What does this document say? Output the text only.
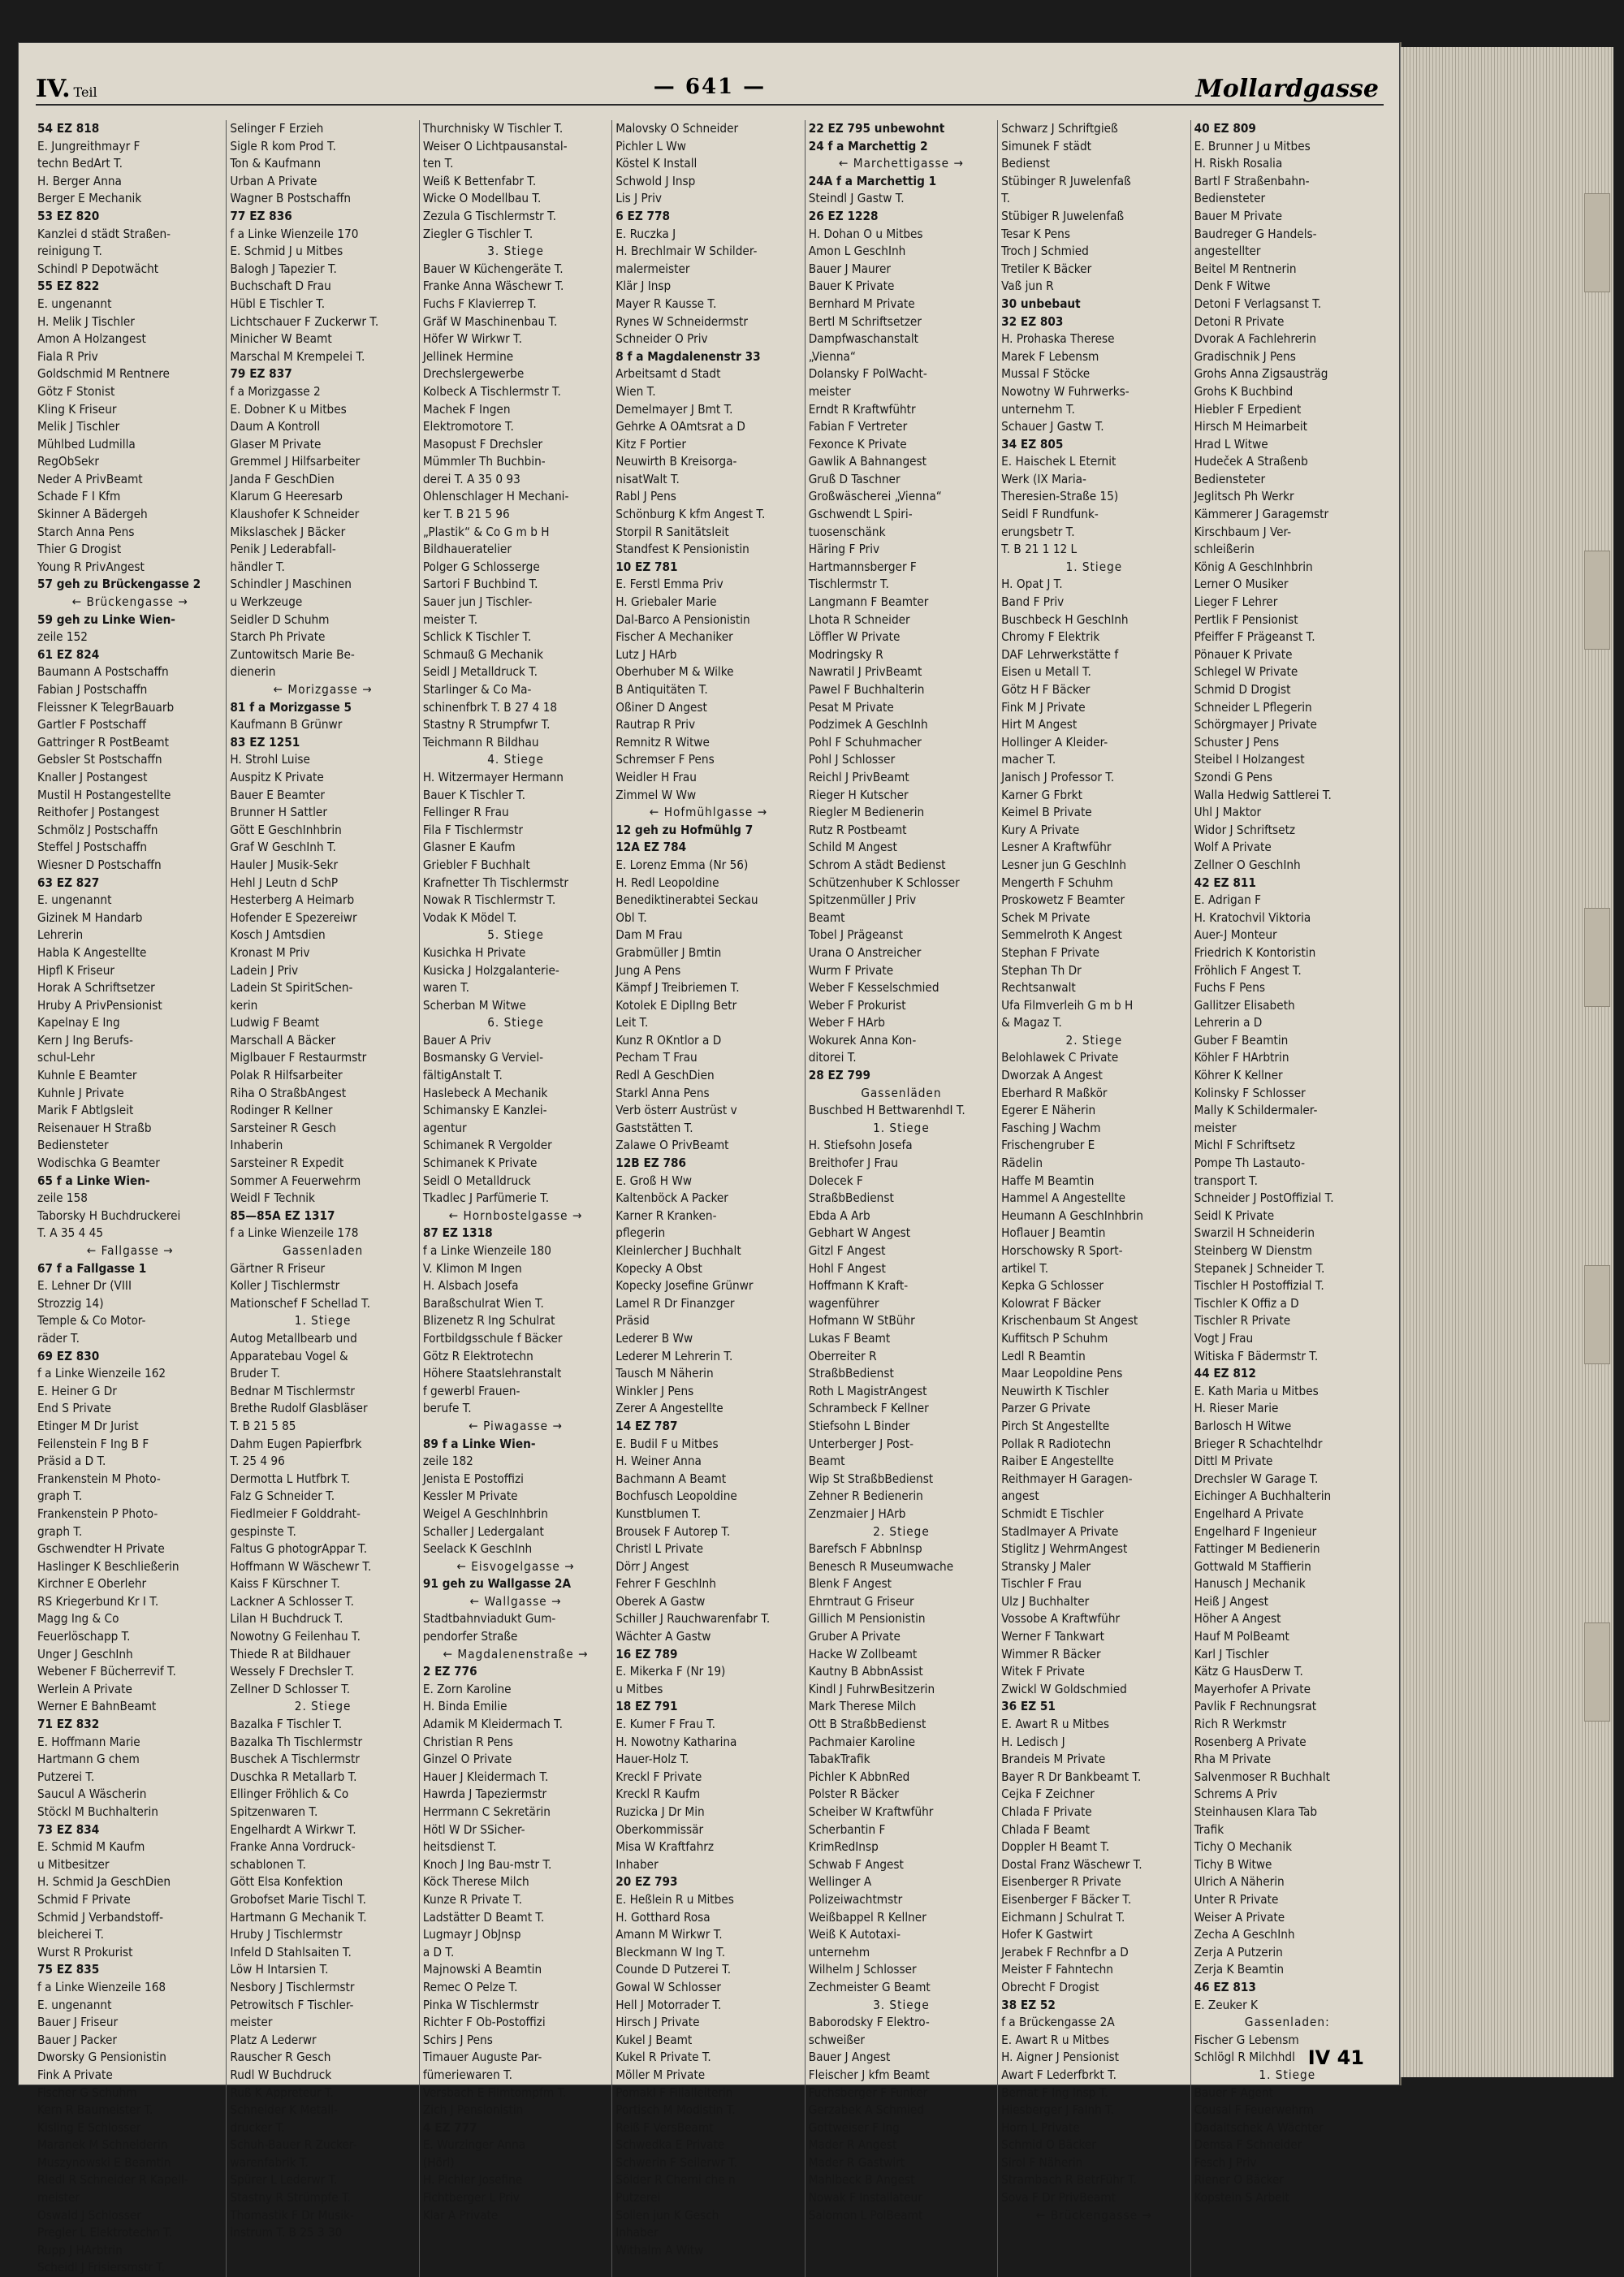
IV. Teil	— 641 —	Mollardgasse
54 EZ 818
E. Jungreithmayr F
techn BedArt T.
H. Berger Anna
Berger E Mechanik
53 EZ 820
Kanzlei d städt Straßen-
reinigung T.
Schindl P Depotwächt
55 EZ 822
E. ungenannt
H. Melik J Tischler
Amon A Holzangest
Fiala R Priv
Goldschmid M Rentnere
Götz F Stonist
Kling K Friseur
Melik J Tischler
Mühlbed Ludmilla
RegObSekr
Neder A PrivBeamt
Schade F I Kfm
Skinner A Bädergeh
Starch Anna Pens
Thier G Drogist
Young R PrivAngest
57 geh zu Brückengasse 2
← Brückengasse →
59 geh zu Linke Wien-
zeile 152
61 EZ 824
Baumann A Postschaffn
Fabian J Postschaffn
Fleissner K TelegrBauarb
Gartler F Postschaff
Gattringer R PostBeamt
Gebsler St Postschaffn
Knaller J Postangest
Mustil H Postangestellte
Reithofer J Postangest
Schmölz J Postschaffn
Steffel J Postschaffn
Wiesner D Postschaffn
63 EZ 827
E. ungenannt
Gizinek M Handarb
Lehrerin
Habla K Angestellte
Hipfl K Friseur
Horak A Schriftsetzer
Hruby A PrivPensionist
Kapelnay E Ing
Kern J Ing Berufs-
schul-Lehr
Kuhnle E Beamter
Kuhnle J Private
Marik F Abtlgsleit
Reisenauer H Straßb
Bediensteter
Wodischka G Beamter
65 f a Linke Wien-
zeile 158
Taborsky H Buchdruckerei
T. A 35 4 45
← Fallgasse →
67 f a Fallgasse 1
E. Lehner Dr (VIII
Strozzig 14)
Temple & Co Motor-
räder T.
69 EZ 830
f a Linke Wienzeile 162
E. Heiner G Dr
End S Private
Etinger M Dr Jurist
Feilenstein F Ing B F
Präsid a D T.
Frankenstein M Photo-
graph T.
Frankenstein P Photo-
graph T.
Gschwendter H Private
Haslinger K Beschließerin
Kirchner E Oberlehr
RS Kriegerbund Kr I T.
Magg Ing & Co
Feuerlöschapp T.
Unger J GeschInh
Webener F Bücherrevif T.
Werlein A Private
Werner E BahnBeamt
71 EZ 832
E. Hoffmann Marie
Hartmann G chem
Putzerei T.
Saucul A Wäscherin
Stöckl M Buchhalterin
73 EZ 834
E. Schmid M Kaufm
u Mitbesitzer
H. Schmid Ja GeschDien
Schmid F Private
Schmid J Verbandstoff-
bleicherei T.
Wurst R Prokurist
75 EZ 835
f a Linke Wienzeile 168
E. ungenannt
Bauer J Friseur
Bauer J Packer
Dworsky G Pensionistin
Fink A Private
Fischer G Schuhm
Kern R Baumeister T.
Kisling E Schlosser
Maranek M Schneiderin
Muszynowski E Beamtin
Riedl R Schneider R Kapell-
meister
Oswald J Schlosser
Pregler L Elektrotechn T.
Rupp J HArbtrin
Scheidl J Frisiersmstr T.
Selinger F Erzieh
Sigle R kom Prod T.
Ton & Kaufmann
Urban A Private
Wagner B Postschaffn
77 EZ 836
f a Linke Wienzeile 170
E. Schmid J u Mitbes
Balogh J Tapezier T.
Buchschaft D Frau
Hübl E Tischler T.
Lichtschauer F Zuckerwr T.
Minicher W Beamt
Marschal M Krempelei T.
79 EZ 837
f a Morizgasse 2
E. Dobner K u Mitbes
Daum A Kontroll
Glaser M Private
Gremmel J Hilfsarbeiter
Janda F GeschDien
Klarum G Heeresarb
Klaushofer K Schneider
Mikslaschek J Bäcker
Penik J Lederabfall-
händler T.
Schindler J Maschinen
u Werkzeuge
Seidler D Schuhm
Starch Ph Private
Zuntowitsch Marie Be-
dienerin
← Morizgasse →
81 f a Morizgasse 5
Kaufmann B Grünwr
83 EZ 1251
H. Strohl Luise
Auspitz K Private
Bauer E Beamter
Brunner H Sattler
Gött E GeschInhbrin
Graf W GeschInh T.
Hauler J Musik-Sekr
Hehl J Leutn d SchP
Hesterberg A Heimarb
Hofender E Spezereiwr
Kosch J Amtsdien
Kronast M Priv
Ladein J Priv
Ladein St SpiritSchen-
kerin
Ludwig F Beamt
Marschall A Bäcker
Miglbauer F Restaurmstr
Polak R Hilfsarbeiter
Riha O StraßbAngest
Rodinger R Kellner
Sarsteiner R Gesch
Inhaberin
Sarsteiner R Expedit
Sommer A Feuerwehrm
Weidl F Technik
85—85A EZ 1317
f a Linke Wienzeile 178
Gassenladen
Gärtner R Friseur
Koller J Tischlermstr
Mationschef F Schellad T.
1. Stiege
Autog Metallbearb und
Apparatebau Vogel &
Bruder T.
Bednar M Tischlermstr
Brethe Rudolf Glasbläser
T. B 21 5 85
Dahm Eugen Papierfbrk
T. 25 4 96
Dermotta L Hutfbrk T.
Falz G Schneider T.
Fiedlmeier F Golddraht-
gespinste T.
Faltus G photogrAppar T.
Hoffmann W Wäschewr T.
Kaiss F Kürschner T.
Lackner A Schlosser T.
Lilan H Buchdruck T.
Nowotny G Feilenhau T.
Thiede R at Bildhauer
Wessely F Drechsler T.
Zellner D Schlosser T.
2. Stiege
Bazalka F Tischler T.
Bazalka Th Tischlermstr
Buschek A Tischlermstr
Duschka R Metallarb T.
Ellinger Fröhlich & Co
Spitzenwaren T.
Engelhardt A Wirkwr T.
Franke Anna Vordruck-
schablonen T.
Gött Elsa Konfektion
Grobofset Marie Tischl T.
Hartmann G Mechanik T.
Hruby J Tischlermstr
Infeld D Stahlsaiten T.
Löw H Intarsien T.
Nesbory J Tischlermstr
Petrowitsch F Tischler-
meister
Platz A Lederwr
Rauscher R Gesch
Rudl W Buchdruck
Ruß K Appreteur T.
Schneider K Metall-
drucker T.
Schuh-Bauer R Zucker-
warenfabrik T.
Spürer L Lederwr T.
Stastny R Strümpfe T.
Thomastik F Dr Musik-
instrum T. B 25 3 30
Thurchnisky W Tischler T.
Weiser O Lichtpausanstal-
ten T.
Weiß K Bettenfabr T.
Wicke O Modellbau T.
Zezula G Tischlermstr T.
Ziegler G Tischler T.
3. Stiege
Bauer W Küchengeräte T.
Franke Anna Wäschewr T.
Fuchs F Klavierrep T.
Gräf W Maschinenbau T.
Höfer W Wirkwr T.
Jellinek Hermine
Drechslergewerbe
Kolbeck A Tischlermstr T.
Machek F Ingen
Elektromotore T.
Masopust F Drechsler
Mümmler Th Buchbin-
derei T. A 35 0 93
Ohlenschlager H Mechani-
ker T. B 21 5 96
„Plastik“ & Co G m b H
Bildhaueratelier
Polger G Schlosserge
Sartori F Buchbind T.
Sauer jun J Tischler-
meister T.
Schlick K Tischler T.
Schmauß G Mechanik
Seidl J Metalldruck T.
Starlinger & Co Ma-
schinenfbrk T. B 27 4 18
Stastny R Strumpfwr T.
Teichmann R Bildhau
4. Stiege
H. Witzermayer Hermann
Bauer K Tischler T.
Fellinger R Frau
Fila F Tischlermstr
Glasner E Kaufm
Griebler F Buchhalt
Krafnetter Th Tischlermstr
Nowak R Tischlermstr T.
Vodak K Mödel T.
5. Stiege
Kusichka H Private
Kusicka J Holzgalanterie-
waren T.
Scherban M Witwe
6. Stiege
Bauer A Priv
Bosmansky G Verviel-
fältigAnstalt T.
Haslebeck A Mechanik
Schimansky E Kanzlei-
agentur
Schimanek R Vergolder
Schimanek K Private
Seidl O Metalldruck
Tkadlec J Parfümerie T.
← Hornbostelgasse →
87 EZ 1318
f a Linke Wienzeile 180
V. Klimon M Ingen
H. Alsbach Josefa
Baraßschulrat Wien T.
Blizenetz R Ing Schulrat
Fortbildgsschule f Bäcker
Götz R Elektrotechn
Höhere Staatslehranstalt
f gewerbl Frauen-
berufe T.
← Piwagasse →
89 f a Linke Wien-
zeile 182
Jenista E Postoffizi
Kessler M Private
Weigel A GeschInhbrin
Schaller J Ledergalant
Seelack K GeschInh
← Eisvogelgasse →
91 geh zu Wallgasse 2A
← Wallgasse →
Stadtbahnviadukt Gum-
pendorfer Straße
← Magdalenenstraße →
2 EZ 776
E. Zorn Karoline
H. Binda Emilie
Adamik M Kleidermach T.
Christian R Pens
Ginzel O Private
Hauer J Kleidermach T.
Hawrda J Tapeziermstr
Herrmann C Sekretärin
Hötl W Dr SSicher-
heitsdienst T.
Knoch J Ing Bau-mstr T.
Köck Therese Milch
Kunze R Private T.
Ladstätter D Beamt T.
Lugmayr J ObJnsp
a D T.
Majnowski A Beamtin
Remec O Pelze T.
Pinka W Tischlermstr
Richter F Ob-Postoffizi
Schirs J Pens
Timauer Auguste Par-
fümeriewaren T.
Versbach E Filmtompfm T.
Zich J Pensionistin
4 EZ 777
E. Wurzinger Anna
(Hörl)
H. Pichler Josefine
Fichtberger L Priv
Klar A Private
Malovsky O Schneider
Pichler L Ww
Köstel K Install
Schwold J Insp
Lis J Priv
6 EZ 778
E. Ruczka J
H. Brechlmair W Schilder-
malermeister
Klär J Insp
Mayer R Kausse T.
Rynes W Schneidermstr
Schneider O Priv
8 f a Magdalenenstr 33
Arbeitsamt d Stadt
Wien T.
Demelmayer J Bmt T.
Gehrke A OAmtsrat a D
Kitz F Portier
Neuwirth B Kreisorga-
nisatWalt T.
Rabl J Pens
Schönburg K kfm Angest T.
Storpil R Sanitätsleit
Standfest K Pensionistin
10 EZ 781
E. Ferstl Emma Priv
H. Griebaler Marie
Dal-Barco A Pensionistin
Fischer A Mechaniker
Lutz J HArb
Oberhuber M & Wilke
B Antiquitäten T.
Oßiner D Angest
Rautrap R Priv
Remnitz R Witwe
Schremser F Pens
Weidler H Frau
Zimmel W Ww
← Hofmühlgasse →
12 geh zu Hofmühlg 7
12A EZ 784
E. Lorenz Emma (Nr 56)
H. Redl Leopoldine
Benediktinerabtei Seckau
Obl T.
Dam M Frau
Grabmüller J Bmtin
Jung A Pens
Kämpf J Treibriemen T.
Kotolek E DiplIng Betr
Leit T.
Kunz R OKntlor a D
Pecham T Frau
Redl A GeschDien
Starkl Anna Pens
Verb österr Austrüst v
Gaststätten T.
Zalawe O PrivBeamt
12B EZ 786
E. Groß H Ww
Kaltenböck A Packer
Karner R Kranken-
pflegerin
Kleinlercher J Buchhalt
Kopecky A Obst
Kopecky Josefine Grünwr
Lamel R Dr Finanzger
Präsid
Lederer B Ww
Lederer M Lehrerin T.
Tausch M Näherin
Winkler J Pens
Zerer A Angestellte
14 EZ 787
E. Budil F u Mitbes
H. Weiner Anna
Bachmann A Beamt
Bochfusch Leopoldine
Kunstblumen T.
Brousek F Autorep T.
Christl L Private
Dörr J Angest
Fehrer F GeschInh
Oberek A Gastw
Schiller J Rauchwarenfabr T.
Wächter A Gastw
16 EZ 789
E. Mikerka F (Nr 19)
u Mitbes
18 EZ 791
E. Kumer F Frau T.
H. Nowotny Katharina
Hauer-Holz T.
Kreckl F Private
Kreckl R Kaufm
Ruzicka J Dr Min
Oberkommissär
Misa W Kraftfahrz
Inhaber
20 EZ 793
E. Heßlein R u Mitbes
H. Gotthard Rosa
Amann M Wirkwr T.
Bleckmann W Ing T.
Counde D Putzerei T.
Gowal W Schlosser
Hell J Motorrader T.
Hirsch J Private
Kukel J Beamt
Kukel R Private T.
Möller M Private
Pomakl F Filialleiterin
Portisch M Modistin T.
Reiß F VersBeamt
Schwedka E Private
Schwerin F Seilerwr T.
Sölder R Chemi che n
Putzerei
Sollen jun K Gesch
Inhaber
Withalm A Witw
22 EZ 795 unbewohnt
24 f a Marchettig 2
← Marchettigasse →
24A f a Marchettig 1
Steindl J Gastw T.
26 EZ 1228
H. Dohan O u Mitbes
Amon L GeschInh
Bauer J Maurer
Bauer K Private
Bernhard M Private
Bertl M Schriftsetzer
Dampfwaschanstalt
„Vienna“
Dolansky F PolWacht-
meister
Erndt R Kraftwfühtr
Fabian F Vertreter
Fexonce K Private
Gawlik A Bahnangest
Gruß D Taschner
Großwäscherei „Vienna“
Gschwendt L Spiri-
tuosenschänk
Häring F Priv
Hartmannsberger F
Tischlermstr T.
Langmann F Beamter
Lhota R Schneider
Löffler W Private
Modringsky R
Nawratil J PrivBeamt
Pawel F Buchhalterin
Pesat M Private
Podzimek A GeschInh
Pohl F Schuhmacher
Pohl J Schlosser
Reichl J PrivBeamt
Rieger H Kutscher
Riegler M Bedienerin
Rutz R Postbeamt
Schild M Angest
Schrom A städt Bedienst
Schützenhuber K Schlosser
Spitzenmüller J Priv
Beamt
Tobel J Prägeanst
Urana O Anstreicher
Wurm F Private
Weber F Kesselschmied
Weber F Prokurist
Weber F HArb
Wokurek Anna Kon-
ditorei T.
28 EZ 799
Gassenläden
Buschbed H BettwarenhdI T.
1. Stiege
H. Stiefsohn Josefa
Breithofer J Frau
Dolecek F
StraßbBedienst
Ebda A Arb
Gebhart W Angest
Gitzl F Angest
Hohl F Angest
Hoffmann K Kraft-
wagenführer
Hofmann W StBühr
Lukas F Beamt
Oberreiter R
StraßbBedienst
Roth L MagistrAngest
Schrambeck F Kellner
Stiefsohn L Binder
Unterberger J Post-
Beamt
Wip St StraßbBedienst
Zehner R Bedienerin
Zenzmaier J HArb
2. Stiege
Barefsch F AbbnInsp
Benesch R Museumwache
Blenk F Angest
Ehrntraut G Friseur
Gillich M Pensionistin
Gruber A Private
Hacke W Zollbeamt
Kautny B AbbnAssist
Kindl J FuhrwBesitzerin
Mark Therese Milch
Ott B StraßbBedienst
Pachmaier Karoline
TabakTrafik
Pichler K AbbnRed
Polster R Bäcker
Scheiber W Kraftwführ
Scherbantin F
KrimRedInsp
Schwab F Angest
Wellinger A
Polizeiwachtmstr
Weißbappel R Kellner
Weiß K Autotaxi-
unternehm
Wilhelm J Schlosser
Zechmeister G Beamt
3. Stiege
Baborodsky F Elektro-
schweißer
Bauer J Angest
Fleischer J kfm Beamt
Fuchsberger F Funker
Gerzabek A Schmied
Gottweiser F Ing
Mader R Angest
Mader R Gastwirt
Mahlbeck B Angest
Nowak F Installateur
Salomon L PolBeamt
Schwarz J Schriftgieß
Simunek F städt
Bedienst
Stübinger R Juwelenfaß
T.
Stübiger R Juwelenfaß
Tesar K Pens
Troch J Schmied
Tretiler K Bäcker
Vaß jun R
30 unbebaut
32 EZ 803
H. Prohaska Therese
Marek F Lebensm
Mussal F Stöcke
Nowotny W Fuhrwerks-
unternehm T.
Schauer J Gastw T.
34 EZ 805
E. Haischek L Eternit
Werk (IX Maria-
Theresien-Straße 15)
Seidl F Rundfunk-
erungsbetr T.
T. B 21 1 12 L
1. Stiege
H. Opat J T.
Band F Priv
Buschbeck H GeschInh
Chromy F Elektrik
DAF Lehrwerkstätte f
Eisen u Metall T.
Götz H F Bäcker
Fink M J Private
Hirt M Angest
Hollinger A Kleider-
macher T.
Janisch J Professor T.
Karner G Fbrkt
Keimel B Private
Kury A Private
Lesner A Kraftwführ
Lesner jun G GeschInh
Mengerth F Schuhm
Proskowetz F Beamter
Schek M Private
Semmelroth K Angest
Stephan F Private
Stephan Th Dr
Rechtsanwalt
Ufa Filmverleih G m b H
& Magaz T.
2. Stiege
Belohlawek C Private
Dworzak A Angest
Eberhard R Maßkör
Egerer E Näherin
Fasching J Wachm
Frischengruber E
Rädelin
Haffe M Beamtin
Hammel A Angestellte
Heumann A GeschInhbrin
Hoflauer J Beamtin
Horschowsky R Sport-
artikel T.
Kepka G Schlosser
Kolowrat F Bäcker
Krischenbaum St Angest
Kuffitsch P Schuhm
Ledl R Beamtin
Maar Leopoldine Pens
Neuwirth K Tischler
Parzer G Private
Pirch St Angestellte
Pollak R Radiotechn
Raiber E Angestellte
Reithmayer H Garagen-
angest
Schmidt E Tischler
Stadlmayer A Private
Stiglitz J WehrmAngest
Stransky J Maler
Tischler F Frau
Ulz J Buchhalter
Vossobe A Kraftwführ
Werner F Tankwart
Wimmer R Bäcker
Witek F Private
Zwickl W Goldschmied
36 EZ 51
E. Awart R u Mitbes
H. Ledisch J
Brandeis M Private
Bayer R Dr Bankbeamt T.
Cejka F Zeichner
Chlada F Private
Chlada F Beamt
Doppler H Beamt T.
Dostal Franz Wäschewr T.
Eisenberger R Private
Eisenberger F Bäcker T.
Eichmann J Schulrat T.
Hofer K Gastwirt
Jerabek F Rechnfbr a D
Meister F Fahntechn
Obrecht F Drogist
38 EZ 52
f a Brückengasse 2A
E. Awart R u Mitbes
H. Aigner J Pensionist
Awart F Lederfbrkt T.
Bernat F Ing Insp T.
Hiesberger J FaInh T.
Horn L Private
Schmid O Bäcker
Sirol F Näherin
Strambach R BetrFühr T.
Sova F Dr PrivBeamt
← Brückengasse →
40 EZ 809
E. Brunner J u Mitbes
H. Riskh Rosalia
Bartl F Straßenbahn-
Bediensteter
Bauer M Private
Baudreger G Handels-
angestellter
Beitel M Rentnerin
Denk F Witwe
Detoni F Verlagsanst T.
Detoni R Private
Dvorak A Fachlehrerin
Gradischnik J Pens
Grohs Anna Zigsausträg
Grohs K Buchbind
Hiebler F Erpedient
Hirsch M Heimarbeit
Hrad L Witwe
Hudeček A Straßenb
Bediensteter
Jeglitsch Ph Werkr
Kämmerer J Garagemstr
Kirschbaum J Ver-
schleißerin
König A GeschInhbrin
Lerner O Musiker
Lieger F Lehrer
Pertlik F Pensionist
Pfeiffer F Prägeanst T.
Pönauer K Private
Schlegel W Private
Schmid D Drogist
Schneider L Pflegerin
Schörgmayer J Private
Schuster J Pens
Steibel I Holzangest
Szondi G Pens
Walla Hedwig Sattlerei T.
Uhl J Maktor
Widor J Schriftsetz
Wolf A Private
Zellner O GeschInh
42 EZ 811
E. Adrigan F
H. Kratochvil Viktoria
Auer-J Monteur
Friedrich K Kontoristin
Fröhlich F Angest T.
Fuchs F Pens
Gallitzer Elisabeth
Lehrerin a D
Guber F Beamtin
Köhler F HArbtrin
Köhrer K Kellner
Kolinsky F Schlosser
Mally K Schildermaler-
meister
Michl F Schriftsetz
Pompe Th Lastauto-
transport T.
Schneider J PostOffizial T.
Seidl K Private
Swarzil H Schneiderin
Steinberg W Dienstm
Stepanek J Schneider T.
Tischler H Postoffizial T.
Tischler K Offiz a D
Tischler R Private
Vogt J Frau
Witiska F Bädermstr T.
44 EZ 812
E. Kath Maria u Mitbes
H. Rieser Marie
Barlosch H Witwe
Brieger R Schachtelhdr
Dittl M Private
Drechsler W Garage T.
Eichinger A Buchhalterin
Engelhard A Private
Engelhard F Ingenieur
Fattinger M Bedienerin
Gottwald M Staffierin
Hanusch J Mechanik
Heiß J Angest
Höher A Angest
Hauf M PolBeamt
Karl J Tischler
Kätz G HausDerw T.
Mayerhofer A Private
Pavlik F Rechnungsrat
Rich R Werkmstr
Rosenberg A Private
Rha M Private
Salvenmoser R Buchhalt
Schrems A Priv
Steinhausen Klara Tab
Trafik
Tichy O Mechanik
Tichy B Witwe
Ulrich A Näherin
Unter R Private
Weiser A Private
Zecha A GeschInh
Zerja A Putzerin
Zerja K Beamtin
46 EZ 813
E. Zeuker K
Gassenladen:
Fischer G Lebensm
Schlögl R Milchhdl
1. Stiege
Bauer F Agent
Cousal F Feuerwehrm
Dadaitschek A Wächter
Demsa F Schneider
Fesch J Priv
Riener O Bäcker
Kopstein S Arbeit
IV 41
